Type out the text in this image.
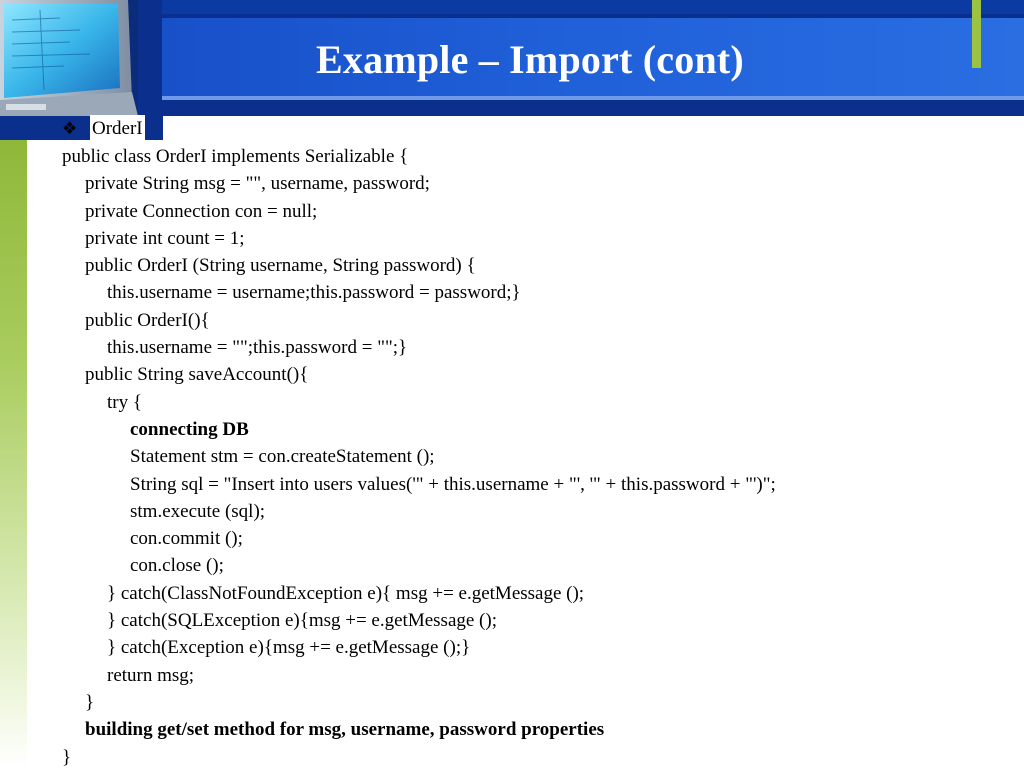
Example – Import (cont)
❖ OrderI
public class OrderI implements Serializable {
private String msg = "", username, password;
private Connection con = null;
private int count = 1;
public OrderI (String username, String password) {
this.username = username;this.password = password;}
public OrderI(){
this.username = "";this.password = "";}
public String saveAccount(){
try {
connecting DB
Statement stm = con.createStatement ();
String sql = "Insert into users values('" + this.username + "', '" + this.password + "')";
stm.execute (sql);
con.commit ();
con.close ();
} catch(ClassNotFoundException e){ msg += e.getMessage ();
} catch(SQLException e){msg += e.getMessage ();
} catch(Exception e){msg += e.getMessage ();}
return msg;
}
building get/set method for msg, username, password properties
}
